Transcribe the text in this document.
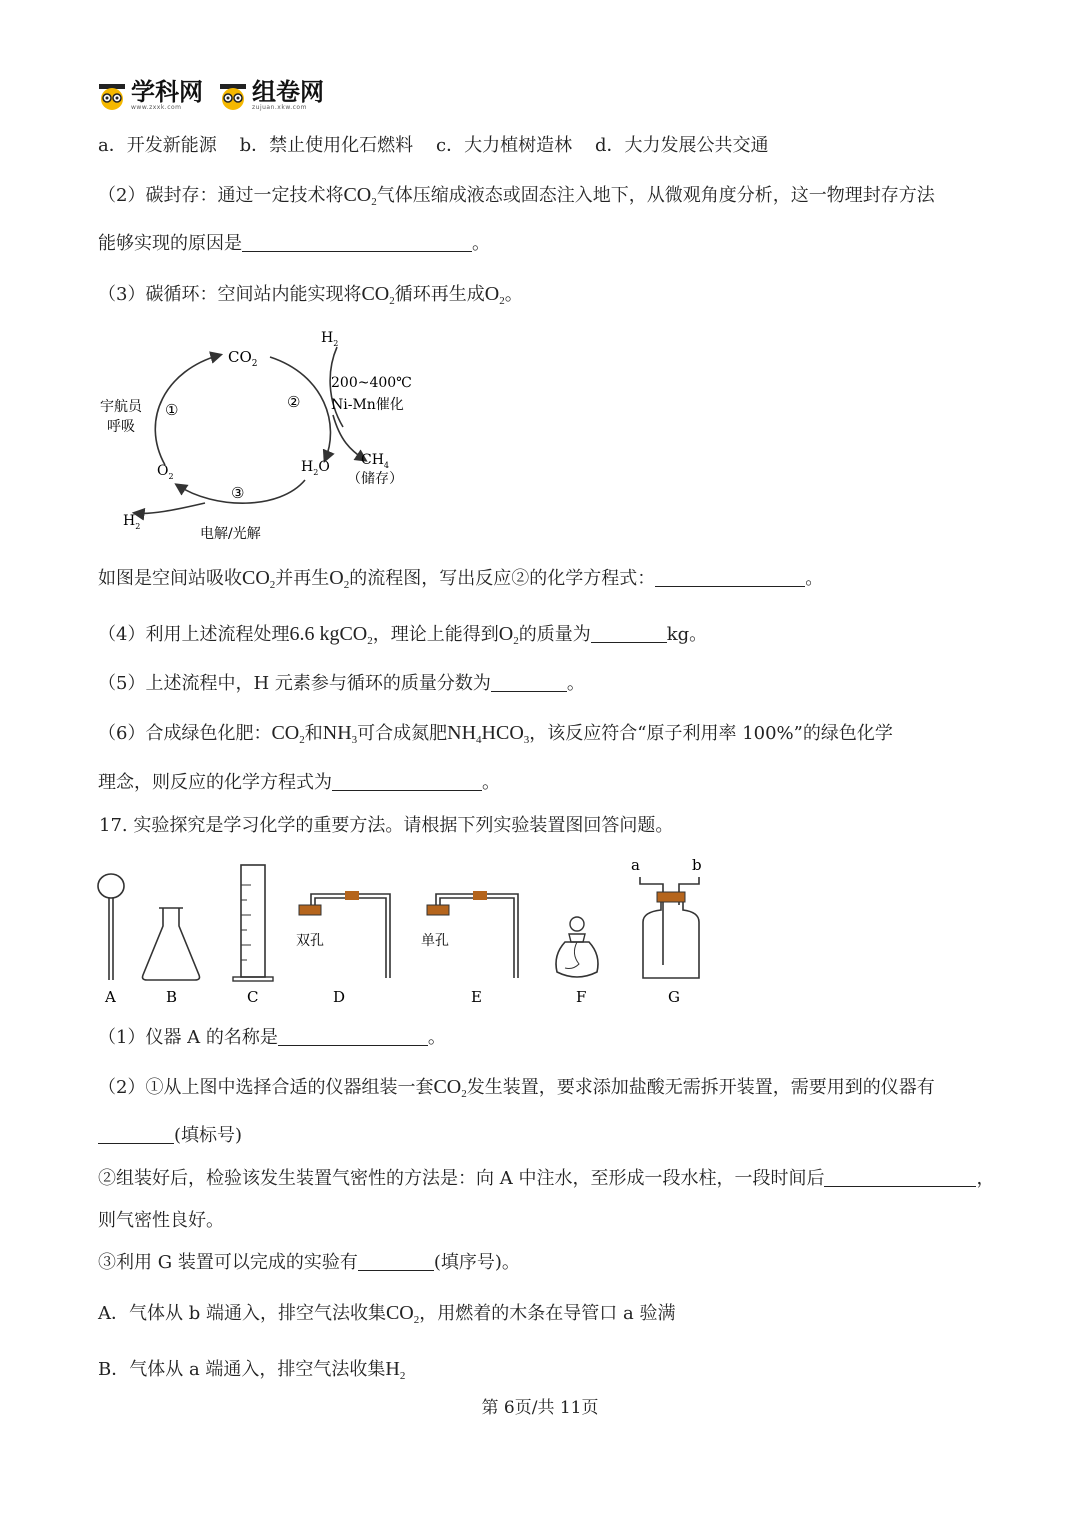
学科网
www.zxxk.com
组卷网
zujuan.xkw.com
a．开发新能源    b．禁止使用化石燃料    c．大力植树造林    d．大力发展公共交通
（2）碳封存：通过一定技术将$CO_2$气体压缩成液态或固态注入地下，从微观角度分析，这一物理封存方法
能够实现的原因是	。
（3）碳循环：空间站内能实现将$CO_2$循环再生成$O_2$。
$CO_2$
$H_2$
200~400℃
Ni-Mn催化
宇航员
呼吸
①	②
③
$H_2O$ $CH_4$
（储存）
$O_2$
$H_2$	电解/光解
如图是空间站吸收$CO_2$并再生$O_2$的流程图，写出反应②的化学方程式：	。
（4）利用上述流程处理6.6 kgCO$_2$，理论上能得到$O_2$的质量为	kg。
（5）上述流程中，H 元素参与循环的质量分数为	。
（6）合成绿色化肥：$CO_2$和$NH_3$可合成氮肥$NH_4HCO_3$，该反应符合“原子利用率 100%”的绿色化学
理念，则反应的化学方程式为	。
17. 实验探究是学习化学的重要方法。请根据下列实验装置图回答问题。
A	B	C
双孔
D
单孔
E	F
a	b
G
（1）仪器 A 的名称是	。
（2）①从上图中选择合适的仪器组装一套$CO_2$发生装置，要求添加盐酸无需拆开装置，需要用到的仪器有
(填标号)
②组装好后，检验该发生装置气密性的方法是：向 A 中注水，至形成一段水柱，一段时间后	，
则气密性良好。
③利用 G 装置可以完成的实验有	(填序号)。
A．气体从 b 端通入，排空气法收集$CO_2$，用燃着的木条在导管口 a 验满
B．气体从 a 端通入，排空气法收集$H_2$
第 6页/共 11页
